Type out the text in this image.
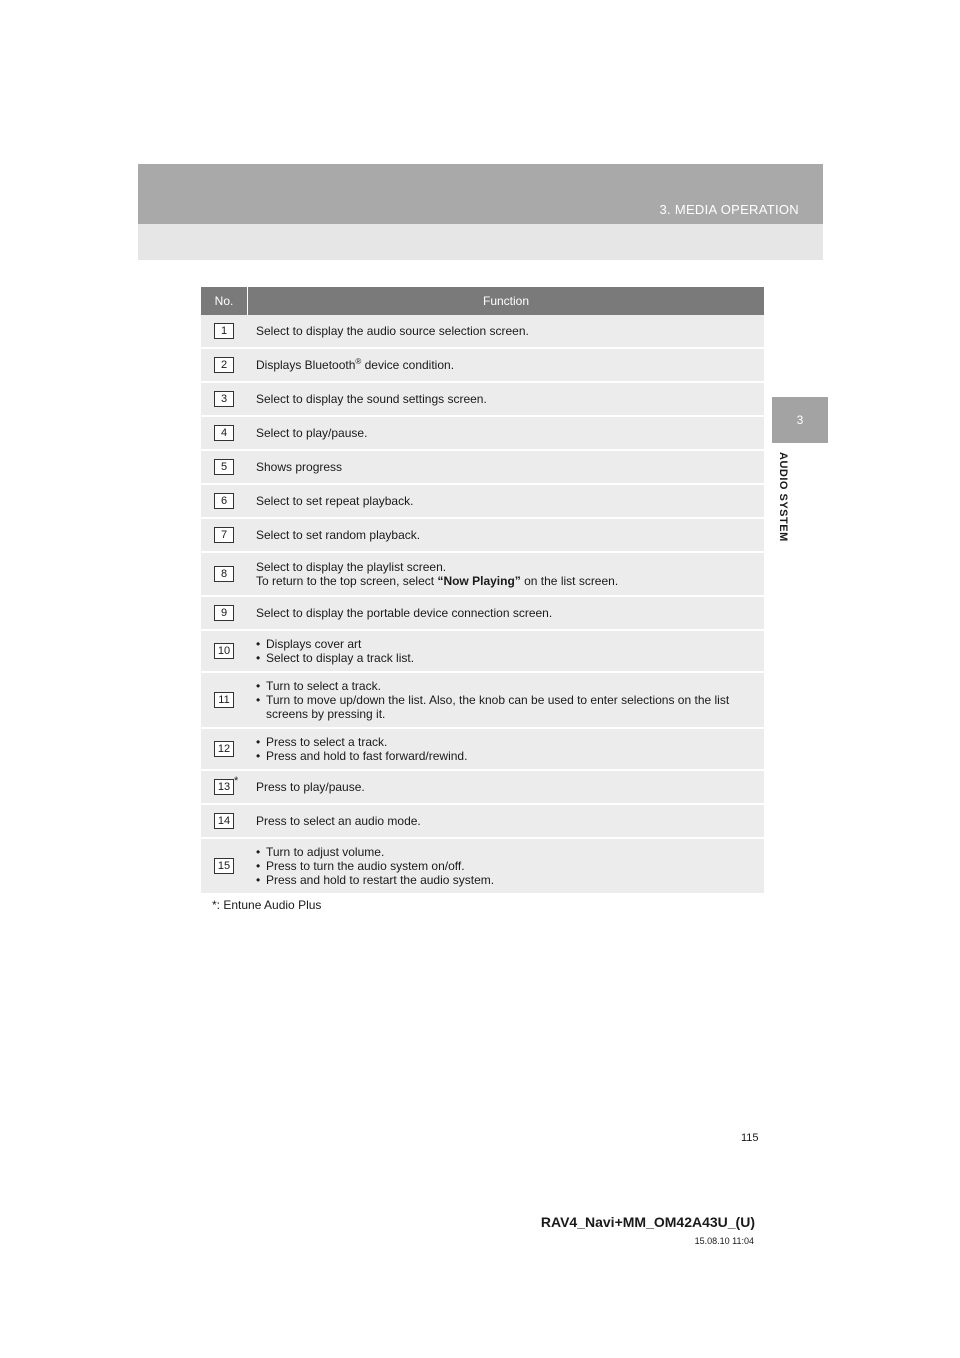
3. MEDIA OPERATION
3
AUDIO SYSTEM
No.	Function
1	Select to display the audio source selection screen.
2	Displays Bluetooth® device condition.
3	Select to display the sound settings screen.
4	Select to play/pause.
5	Shows progress
6	Select to set repeat playback.
7	Select to set random playback.
8	Select to display the playlist screen.
To return to the top screen, select “Now Playing” on the list screen.
9	Select to display the portable device connection screen.
10	• Displays cover art
• Select to display a track list.
11
• Turn to select a track.
• Turn to move up/down the list. Also, the knob can be used to enter selections on the list screens by pressing it.
12	• Press to select a track.
• Press and hold to fast forward/rewind.
13 * Press to play/pause.
14	Press to select an audio mode.
15
• Turn to adjust volume.
• Press to turn the audio system on/off.
• Press and hold to restart the audio system.
*: Entune Audio Plus
115
RAV4_Navi+MM_OM42A43U_(U)
15.08.10 11:04
